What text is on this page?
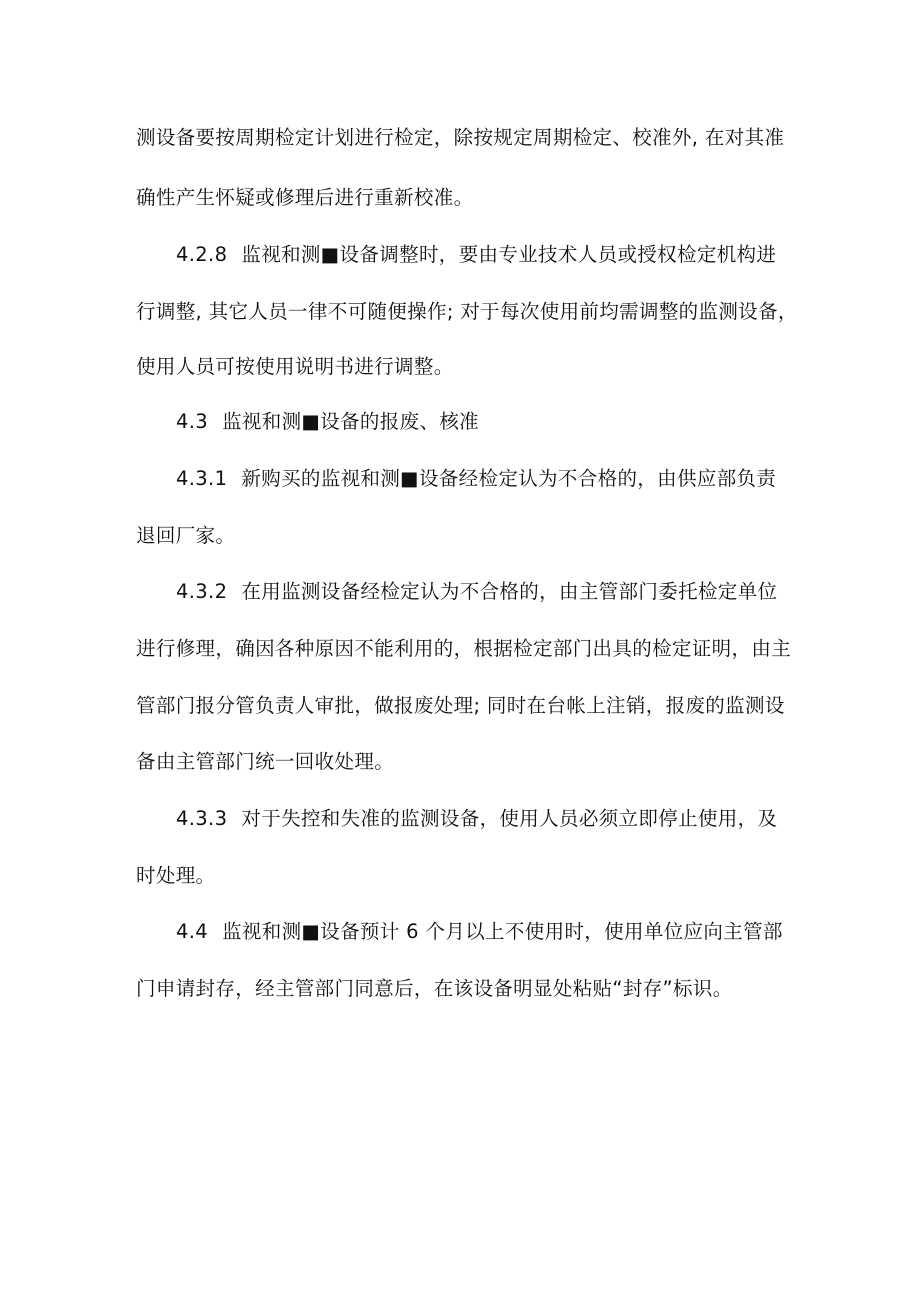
测设备要按周期检定计划进行检定，除按规定周期检定、校准外, 在对其准
确性产生怀疑或修理后进行重新校准。
4.2.8 监视和测■设备调整时，要由专业技术人员或授权检定机构进
行调整, 其它人员一律不可随便操作; 对于每次使用前均需调整的监测设备，
使用人员可按使用说明书进行调整。
4.3 监视和测■设备的报废、核准
4.3.1 新购买的监视和测■设备经检定认为不合格的，由供应部负责
退回厂家。
4.3.2 在用监测设备经检定认为不合格的，由主管部门委托检定单位
进行修理，确因各种原因不能利用的，根据检定部门出具的检定证明，由主
管部门报分管负责人审批，做报废处理; 同时在台帐上注销，报废的监测设
备由主管部门统一回收处理。
4.3.3 对于失控和失准的监测设备，使用人员必须立即停止使用，及
时处理。
4.4 监视和测■设备预计 6 个月以上不使用时，使用单位应向主管部
门申请封存，经主管部门同意后，在该设备明显处粘贴“封存”标识。
